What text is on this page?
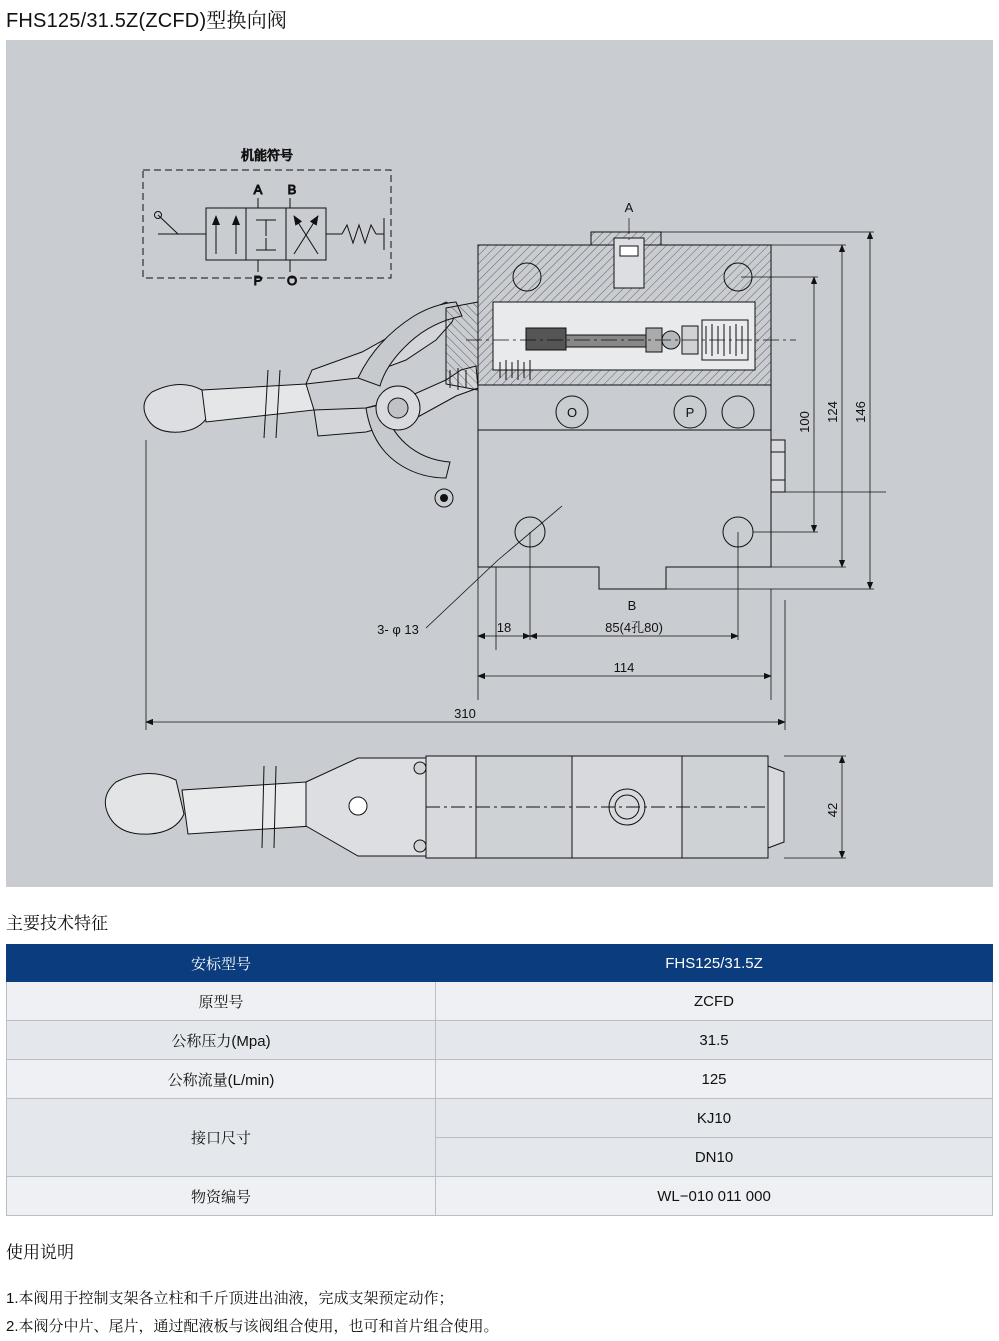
FHS125/31.5Z(ZCFD)型换向阀
机能符号
A B
P O
A
O	P
B
3- φ 13
100 124 146
18	85(4孔80)
114
310
42
主要技术特征
安标型号	FHS125/31.5Z
原型号	ZCFD
公称压力(Mpa)	31.5
公称流量(L/min)	125
接口尺寸	KJ10
	DN10
物资编号	WL−010 011 000
使用说明
1.本阀用于控制支架各立柱和千斤顶进出油液，完成支架预定动作；
2.本阀分中片、尾片，通过配液板与该阀组合使用，也可和首片组合使用。
